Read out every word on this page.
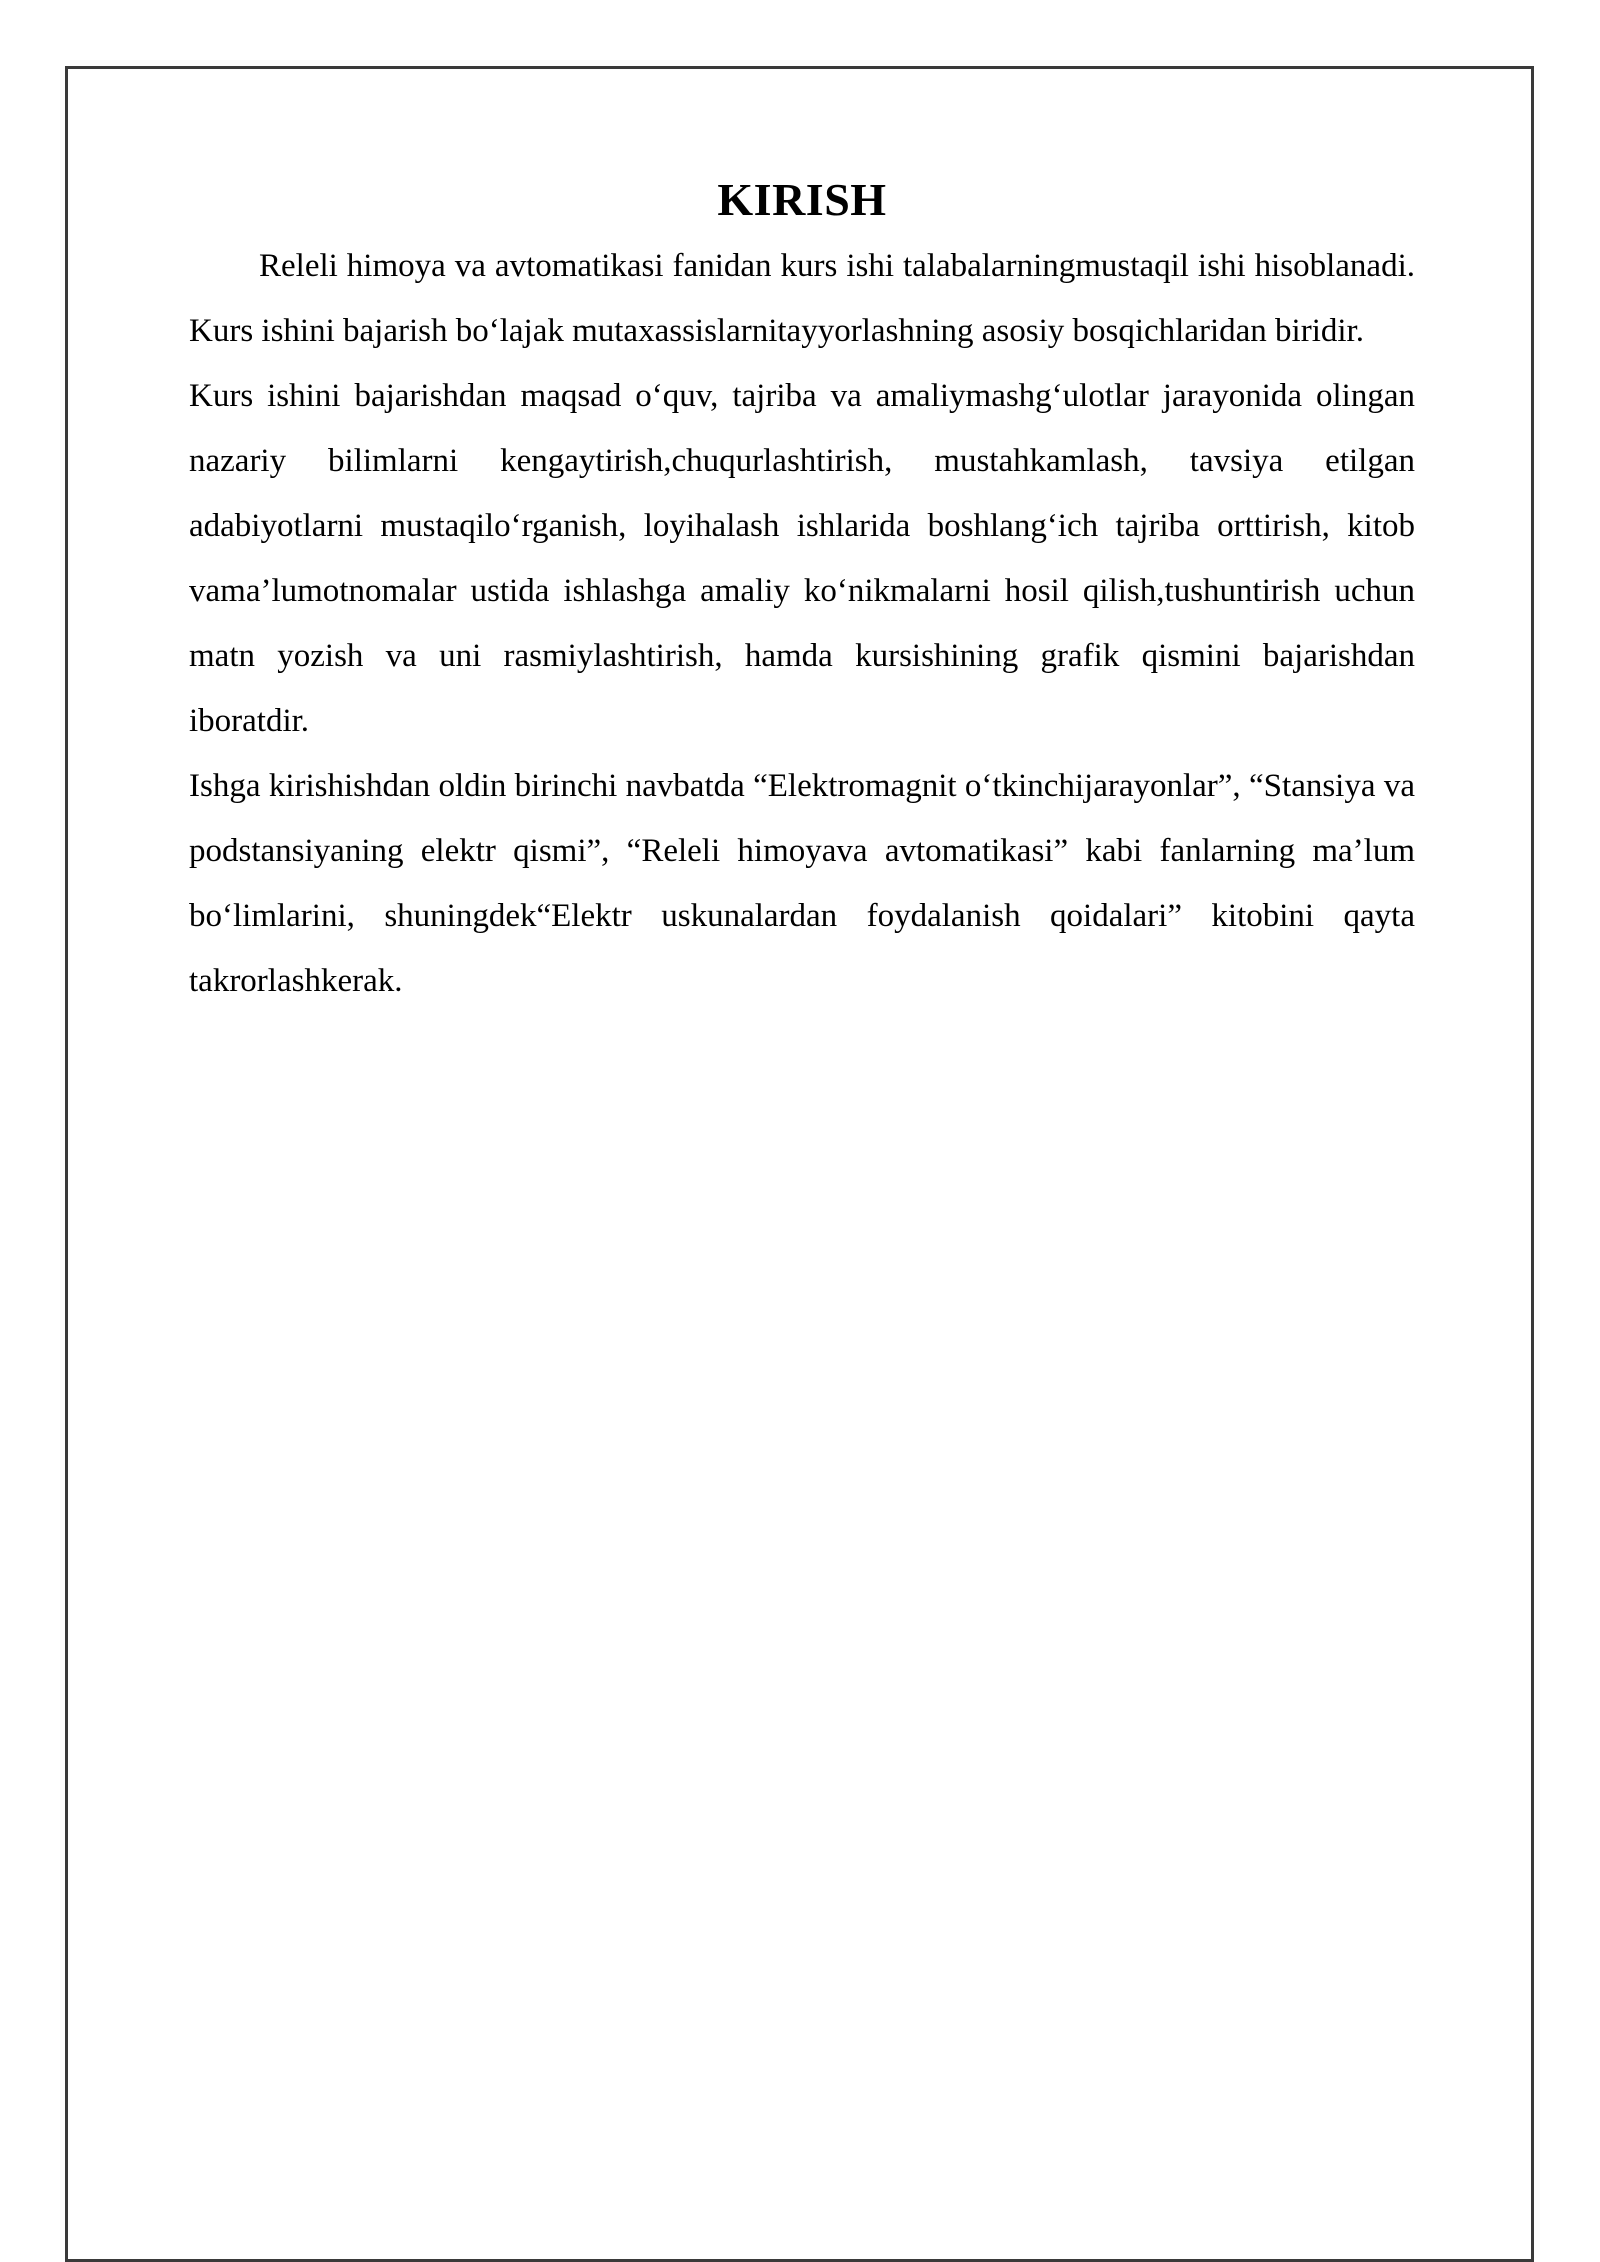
KIRISH

Releli himoya va avtomatikasi fanidan kurs ishi talabalarningmustaqil ishi hisoblanadi. Kurs ishini bajarish bo‘lajak mutaxassislarnitayyorlashning asosiy bosqichlaridan biridir.

Kurs ishini bajarishdan maqsad o‘quv, tajriba va amaliymashg‘ulotlar jarayonida olingan nazariy bilimlarni kengaytirish,chuqurlashtirish, mustahkamlash, tavsiya etilgan adabiyotlarni mustaqilo‘rganish, loyihalash ishlarida boshlang‘ich tajriba orttirish, kitob vama’lumotnomalar ustida ishlashga amaliy ko‘nikmalarni hosil qilish,tushuntirish uchun matn yozish va uni rasmiylashtirish, hamda kursishining grafik qismini bajarishdan iboratdir.

Ishga kirishishdan oldin birinchi navbatda “Elektromagnit o‘tkinchijarayonlar”, “Stansiya va podstansiyaning elektr qismi”, “Releli himoyava avtomatikasi” kabi fanlarning ma’lum bo‘limlarini, shuningdek“Elektr uskunalardan foydalanish qoidalari” kitobini qayta takrorlashkerak.
